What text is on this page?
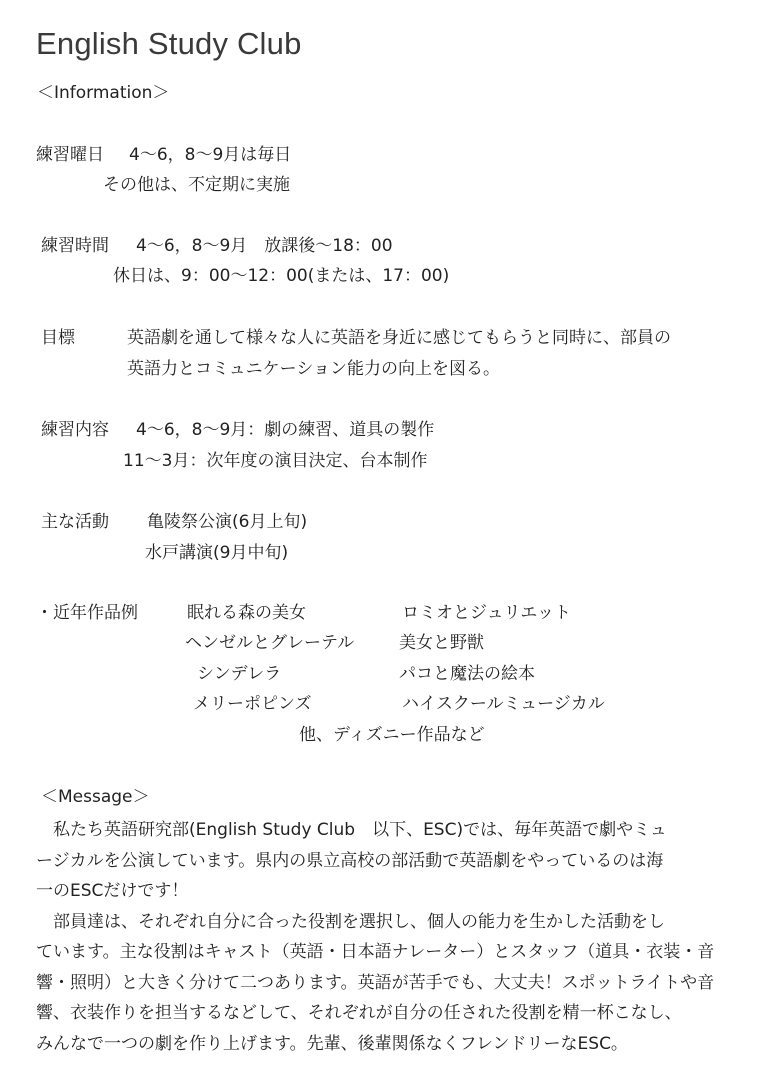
English Study Club
＜Information＞
練習曜日 4〜6，8〜9月は毎日
その他は、不定期に実施
練習時間 4〜6，8〜9月　放課後〜18：00
休日は、9：00〜12：00(または、17：00)
目標	英語劇を通して様々な人に英語を身近に感じてもらうと同時に、部員の
英語力とコミュニケーション能力の向上を図る。
練習内容 4〜6，8〜9月：劇の練習、道具の製作
11〜3月：次年度の演目決定、台本制作
主な活動 亀陵祭公演(6月上旬)
水戸講演(9月中旬)
・近年作品例	眠れる森の美女	ロミオとジュリエット
ヘンゼルとグレーテル	美女と野獣
シンデレラ	パコと魔法の絵本
メリーポピンズ	ハイスクールミュージカル
他、ディズニー作品など
＜Message＞
　私たち英語研究部(English Study Club　以下、ESC)では、毎年英語で劇やミュ
ージカルを公演しています。県内の県立高校の部活動で英語劇をやっているのは海
一のESCだけです！
　部員達は、それぞれ自分に合った役割を選択し、個人の能力を生かした活動をし
ています。主な役割はキャスト（英語・日本語ナレーター）とスタッフ（道具・衣装・音
響・照明）と大きく分けて二つあります。英語が苦手でも、大丈夫！スポットライトや音
響、衣装作りを担当するなどして、それぞれが自分の任された役割を精一杯こなし、
みんなで一つの劇を作り上げます。先輩、後輩関係なくフレンドリーなESC。
